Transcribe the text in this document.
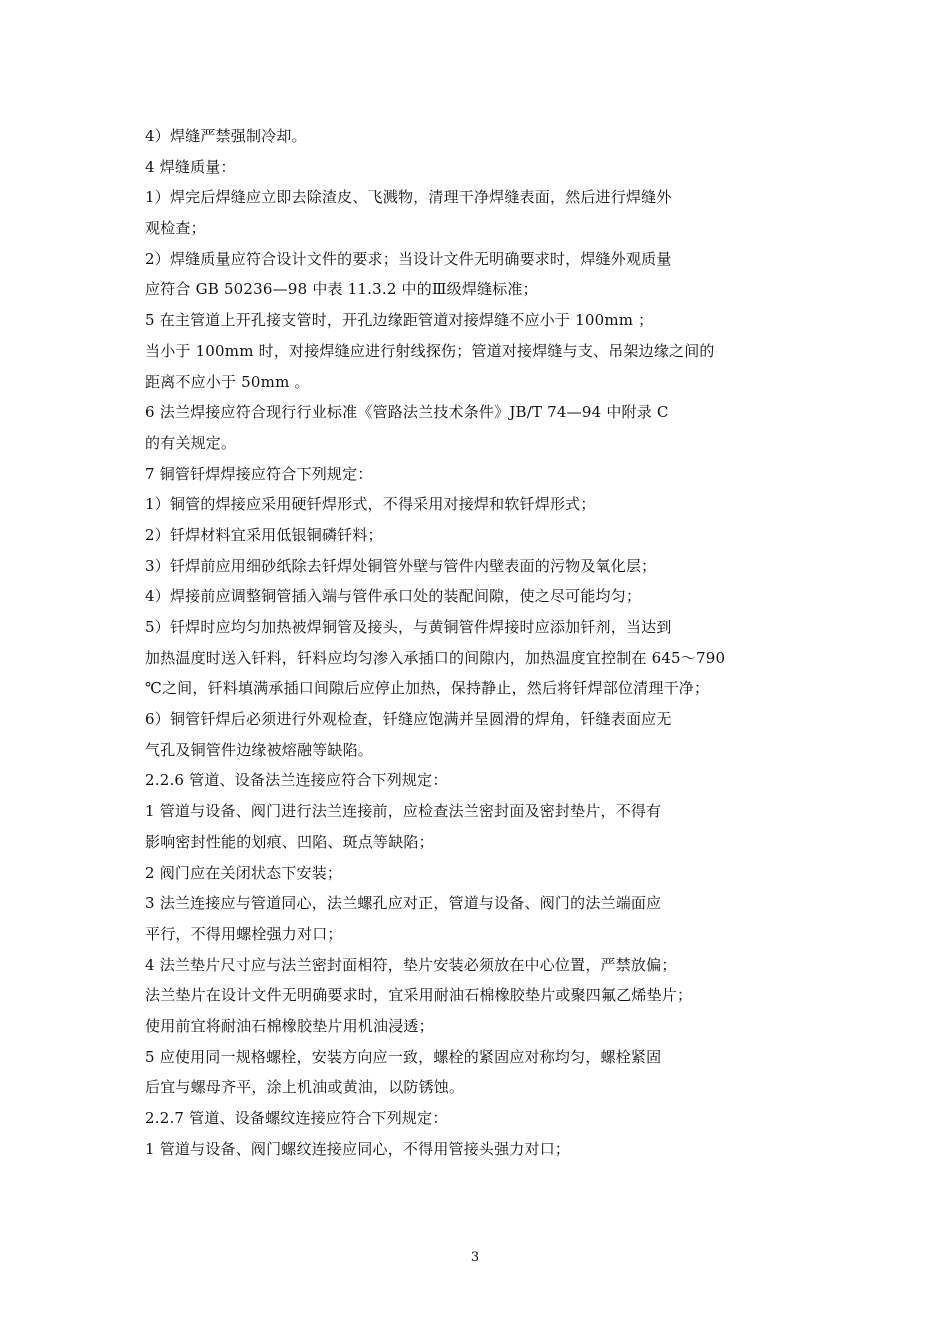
4）焊缝严禁强制冷却。
4 焊缝质量：
1）焊完后焊缝应立即去除渣皮、飞溅物，清理干净焊缝表面，然后进行焊缝外
观检查；
2）焊缝质量应符合设计文件的要求；当设计文件无明确要求时，焊缝外观质量
应符合 GB 50236—98 中表 11.3.2 中的Ⅲ级焊缝标准；
5 在主管道上开孔接支管时，开孔边缘距管道对接焊缝不应小于 100mm ；
当小于 100mm 时，对接焊缝应进行射线探伤；管道对接焊缝与支、吊架边缘之间的
距离不应小于 50mm 。
6 法兰焊接应符合现行行业标准《管路法兰技术条件》JB/T 74—94 中附录 C
的有关规定。
7 铜管钎焊焊接应符合下列规定：
1）铜管的焊接应采用硬钎焊形式，不得采用对接焊和软钎焊形式；
2）钎焊材料宜采用低银铜磷钎料；
3）钎焊前应用细砂纸除去钎焊处铜管外壁与管件内壁表面的污物及氧化层；
4）焊接前应调整铜管插入端与管件承口处的装配间隙，使之尽可能均匀；
5）钎焊时应均匀加热被焊铜管及接头，与黄铜管件焊接时应添加钎剂，当达到
加热温度时送入钎料，钎料应均匀渗入承插口的间隙内，加热温度宜控制在 645～790
℃之间，钎料填满承插口间隙后应停止加热，保持静止，然后将钎焊部位清理干净；
6）铜管钎焊后必须进行外观检查，钎缝应饱满并呈圆滑的焊角，钎缝表面应无
气孔及铜管件边缘被熔融等缺陷。
2.2.6 管道、设备法兰连接应符合下列规定：
1 管道与设备、阀门进行法兰连接前，应检查法兰密封面及密封垫片，不得有
影响密封性能的划痕、凹陷、斑点等缺陷；
2 阀门应在关闭状态下安装；
3 法兰连接应与管道同心，法兰螺孔应对正，管道与设备、阀门的法兰端面应
平行，不得用螺栓强力对口；
4 法兰垫片尺寸应与法兰密封面相符，垫片安装必须放在中心位置，严禁放偏；
法兰垫片在设计文件无明确要求时，宜采用耐油石棉橡胶垫片或聚四氟乙烯垫片；
使用前宜将耐油石棉橡胶垫片用机油浸透；
5 应使用同一规格螺栓，安装方向应一致，螺栓的紧固应对称均匀，螺栓紧固
后宜与螺母齐平，涂上机油或黄油，以防锈蚀。
2.2.7 管道、设备螺纹连接应符合下列规定：
1 管道与设备、阀门螺纹连接应同心，不得用管接头强力对口；
3
